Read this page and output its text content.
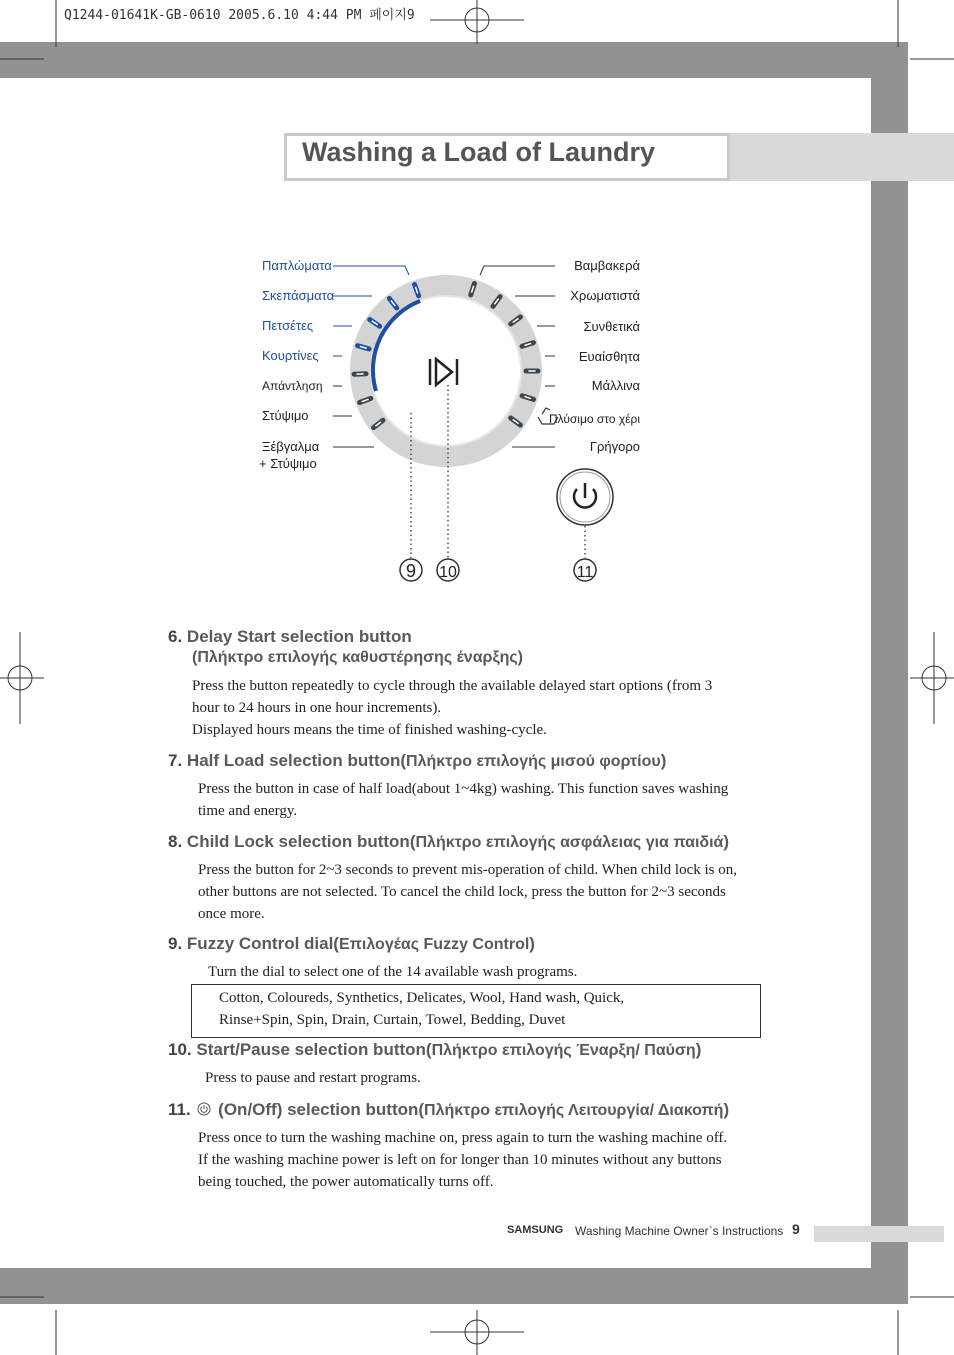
Q1244-01641K-GB-0610 2005.6.10 4:44 PM 페이지9
Washing a Load of Laundry
9 10	11
Παπλώματα
Σκεπάσματα
Πετσέτες
Κουρτίνες
Απάντληση
Στύψιμο
Ξέβγαλμα
+ Στύψιμο
Βαμβακερά
Χρωματιστά
Συνθετικά
Ευαίσθητα
Μάλλινα
Πλύσιμο στο χέρι
Γρήγορο
6. Delay Start selection button
(Πλήκτρο επιλογής καθυστέρησης έναρξης)
Press the button repeatedly to cycle through the available delayed start options (from 3
hour to 24 hours in one hour increments).
Displayed hours means the time of finished washing-cycle.
7. Half Load selection button(Πλήκτρο επιλογής μισού φορτίου)
Press the button in case of half load(about 1~4kg) washing. This function saves washing
time and energy.
8. Child Lock selection button(Πλήκτρο επιλογής ασφάλειας για παιδιά)
Press the button for 2~3 seconds to prevent mis-operation of child. When child lock is on,
other buttons are not selected. To cancel the child lock, press the button for 2~3 seconds
once more.
9. Fuzzy Control dial(Επιλογέας Fuzzy Control)
Turn the dial to select one of the 14 available wash programs.
Cotton, Coloureds, Synthetics, Delicates, Wool, Hand wash, Quick,
Rinse+Spin, Spin, Drain, Curtain, Towel, Bedding, Duvet
10. Start/Pause selection button(Πλήκτρο επιλογής Έναρξη/ Παύση)
Press to pause and restart programs.
11. (On/Off) selection button(Πλήκτρο επιλογής Λειτουργία/ Διακοπή)
Press once to turn the washing machine on, press again to turn the washing machine off.
If the washing machine power is left on for longer than 10 minutes without any buttons
being touched, the power automatically turns off.
SAMSUNG Washing Machine Owner`s Instructions 9
